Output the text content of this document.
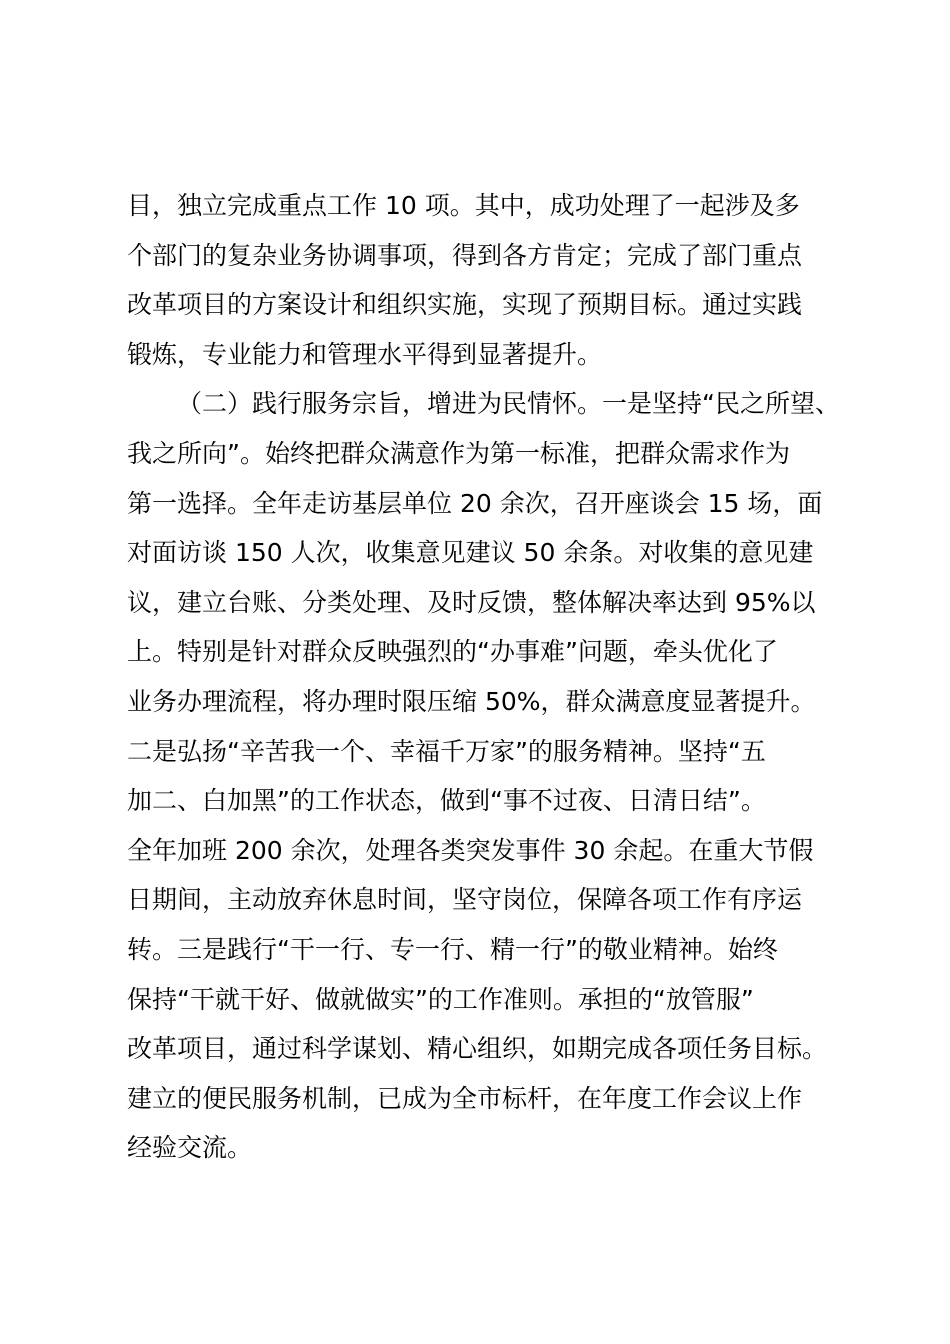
目，独立完成重点工作 10 项。其中，成功处理了一起涉及多
个部门的复杂业务协调事项，得到各方肯定；完成了部门重点
改革项目的方案设计和组织实施，实现了预期目标。通过实践
锻炼，专业能力和管理水平得到显著提升。
（二）践行服务宗旨，增进为民情怀。一是坚持“民之所望、
我之所向”。始终把群众满意作为第一标准，把群众需求作为
第一选择。全年走访基层单位 20 余次，召开座谈会 15 场，面
对面访谈 150 人次，收集意见建议 50 余条。对收集的意见建
议，建立台账、分类处理、及时反馈，整体解决率达到 95%以
上。特别是针对群众反映强烈的“办事难”问题，牵头优化了
业务办理流程，将办理时限压缩 50%，群众满意度显著提升。
二是弘扬“辛苦我一个、幸福千万家”的服务精神。坚持“五
加二、白加黑”的工作状态，做到“事不过夜、日清日结”。
全年加班 200 余次，处理各类突发事件 30 余起。在重大节假
日期间，主动放弃休息时间，坚守岗位，保障各项工作有序运
转。三是践行“干一行、专一行、精一行”的敬业精神。始终
保持“干就干好、做就做实”的工作准则。承担的“放管服”
改革项目，通过科学谋划、精心组织，如期完成各项任务目标。
建立的便民服务机制，已成为全市标杆，在年度工作会议上作
经验交流。
